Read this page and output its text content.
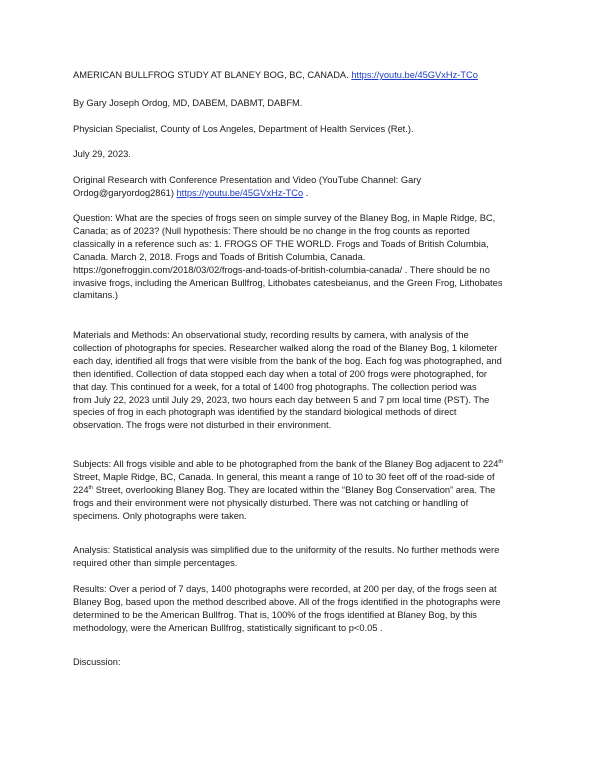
AMERICAN BULLFROG STUDY AT BLANEY BOG, BC, CANADA. https://youtu.be/45GVxHz-TCo
By Gary Joseph Ordog, MD, DABEM, DABMT, DABFM.
Physician Specialist, County of Los Angeles, Department of Health Services (Ret.).
July 29, 2023.
Original Research with Conference Presentation and Video (YouTube Channel: Gary
Ordog@garyordog2861) https://youtu.be/45GVxHz-TCo .
Question: What are the species of frogs seen on simple survey of the Blaney Bog, in Maple Ridge, BC,
Canada; as of 2023? (Null hypothesis: There should be no change in the frog counts as reported
classically in a reference such as: 1. FROGS OF THE WORLD. Frogs and Toads of British Columbia,
Canada. March 2, 2018. Frogs and Toads of British Columbia, Canada.
https://gonefroggin.com/2018/03/02/frogs-and-toads-of-british-columbia-canada/ . There should be no
invasive frogs, including the American Bullfrog, Lithobates catesbeianus, and the Green Frog, Lithobates
clamitans.)
Materials and Methods: An observational study, recording results by camera, with analysis of the
collection of photographs for species. Researcher walked along the road of the Blaney Bog, 1 kilometer
each day, identified all frogs that were visible from the bank of the bog. Each fog was photographed, and
then identified. Collection of data stopped each day when a total of 200 frogs were photographed, for
that day. This continued for a week, for a total of 1400 frog photographs. The collection period was
from July 22, 2023 until July 29, 2023, two hours each day between 5 and 7 pm local time (PST). The
species of frog in each photograph was identified by the standard biological methods of direct
observation. The frogs were not disturbed in their environment.
Subjects: All frogs visible and able to be photographed from the bank of the Blaney Bog adjacent to 224th
Street, Maple Ridge, BC, Canada. In general, this meant a range of 10 to 30 feet off of the road-side of
224th Street, overlooking Blaney Bog. They are located within the “Blaney Bog Conservation” area. The
frogs and their environment were not physically disturbed. There was not catching or handling of
specimens. Only photographs were taken.
Analysis: Statistical analysis was simplified due to the uniformity of the results. No further methods were
required other than simple percentages.
Results: Over a period of 7 days, 1400 photographs were recorded, at 200 per day, of the frogs seen at
Blaney Bog, based upon the method described above. All of the frogs identified in the photographs were
determined to be the American Bullfrog. That is, 100% of the frogs identified at Blaney Bog, by this
methodology, were the American Bullfrog, statistically significant to p<0.05 .
Discussion:
